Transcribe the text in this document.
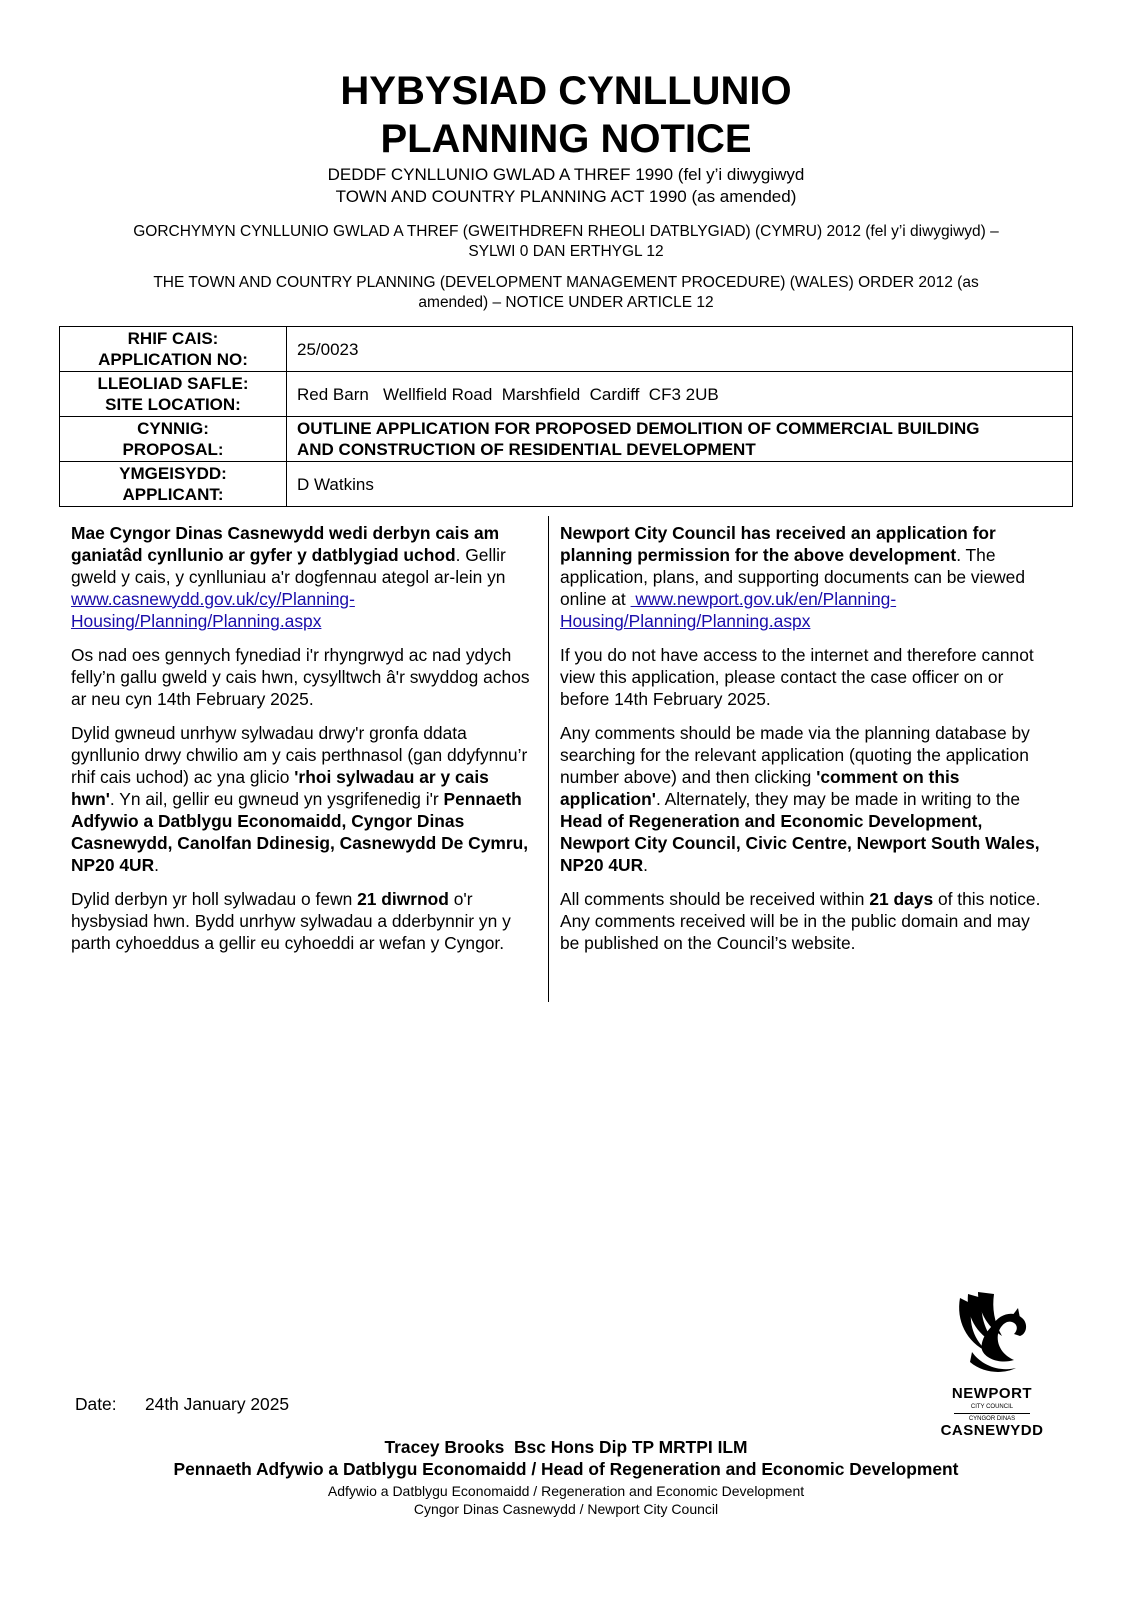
HYBYSIAD CYNLLUNIO
PLANNING NOTICE
DEDDF CYNLLUNIO GWLAD A THREF 1990 (fel y’i diwygiwyd
TOWN AND COUNTRY PLANNING ACT 1990 (as amended)
GORCHYMYN CYNLLUNIO GWLAD A THREF (GWEITHDREFN RHEOLI DATBLYGIAD) (CYMRU) 2012 (fel y’i diwygiwyd) – SYLWI 0 DAN ERTHYGL 12
THE TOWN AND COUNTRY PLANNING (DEVELOPMENT MANAGEMENT PROCEDURE) (WALES) ORDER 2012 (as amended) – NOTICE UNDER ARTICLE 12
RHIF CAIS:
APPLICATION NO:	25/0023

LLEOLIAD SAFLE:
SITE LOCATION:	Red Barn   Wellfield Road  Marshfield  Cardiff  CF3 2UB

CYNNIG:
PROPOSAL:	OUTLINE APPLICATION FOR PROPOSED DEMOLITION OF COMMERCIAL BUILDING AND CONSTRUCTION OF RESIDENTIAL DEVELOPMENT

YMGEISYDD:
APPLICANT:	D Watkins

Mae Cyngor Dinas Casnewydd wedi derbyn cais am ganiatâd cynllunio ar gyfer y datblygiad uchod. Gellir gweld y cais, y cynlluniau a'r dogfennau ategol ar-lein yn www.casnewydd.gov.uk/cy/Planning-Housing/Planning/Planning.aspx

Os nad oes gennych fynediad i'r rhyngrwyd ac nad ydych felly’n gallu gweld y cais hwn, cysylltwch â'r swyddog achos ar neu cyn 14th February 2025.

Dylid gwneud unrhyw sylwadau drwy'r gronfa ddata gynllunio drwy chwilio am y cais perthnasol (gan ddyfynnu’r rhif cais uchod) ac yna glicio 'rhoi sylwadau ar y cais hwn'. Yn ail, gellir eu gwneud yn ysgrifenedig i'r Pennaeth Adfywio a Datblygu Economaidd, Cyngor Dinas Casnewydd, Canolfan Ddinesig, Casnewydd De Cymru, NP20 4UR.

Dylid derbyn yr holl sylwadau o fewn 21 diwrnod o'r hysbysiad hwn. Bydd unrhyw sylwadau a dderbynnir yn y parth cyhoeddus a gellir eu cyhoeddi ar wefan y Cyngor.

Newport City Council has received an application for planning permission for the above development. The application, plans, and supporting documents can be viewed online at  www.newport.gov.uk/en/Planning-Housing/Planning/Planning.aspx

If you do not have access to the internet and therefore cannot view this application, please contact the case officer on or before 14th February 2025.

Any comments should be made via the planning database by searching for the relevant application (quoting the application number above) and then clicking 'comment on this application'. Alternately, they may be made in writing to the Head of Regeneration and Economic Development, Newport City Council, Civic Centre, Newport South Wales, NP20 4UR.

All comments should be received within 21 days of this notice. Any comments received will be in the public domain and may be published on the Council’s website.

Date: 24th January 2025
NEWPORT
CITY COUNCIL
CYNGOR DINAS
CASNEWYDD
Tracey Brooks  Bsc Hons Dip TP MRTPI ILM
Pennaeth Adfywio a Datblygu Economaidd / Head of Regeneration and Economic Development
Adfywio a Datblygu Economaidd / Regeneration and Economic Development
Cyngor Dinas Casnewydd / Newport City Council
